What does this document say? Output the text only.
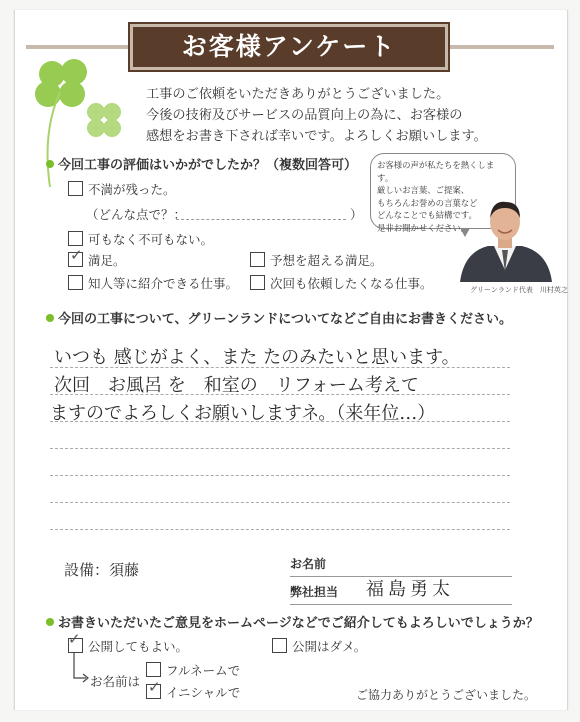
お客様アンケート
工事のご依頼をいただきありがとうございました。
今後の技術及びサービスの品質向上の為に、お客様の
感想をお書き下されば幸いです。よろしくお願いします。
今回工事の評価はいかがでしたか？（複数回答可）
不満が残った。
（どんな点で？：	）
可もなく不可もない。
✓ 満足。	予想を超える満足。
知人等に紹介できる仕事。	次回も依頼したくなる仕事。
お客様の声が私たちを熱くします。
厳しいお言葉、ご提案、
もちろんお誉めの言葉など
どんなことでも結構です。
是非お聞かせください。
グリーンランド代表　川村英之
今回の工事について、グリーンランドについてなどご自由にお書きください。
いつも 感じがよく、また たのみたいと思います。
次回　お風呂 を　和室の　リフォーム考えて
ますのでよろしくお願いしますネ。（来年位…）
設備：須藤	お名前
弊社担当 福島勇太
お書きいただいたご意見をホームページなどでご紹介してもよろしいでしょうか？
✓ 公開してもよい。	公開はダメ。
お名前は
フルネームで
✓ イニシャルで	ご協力ありがとうございました。
